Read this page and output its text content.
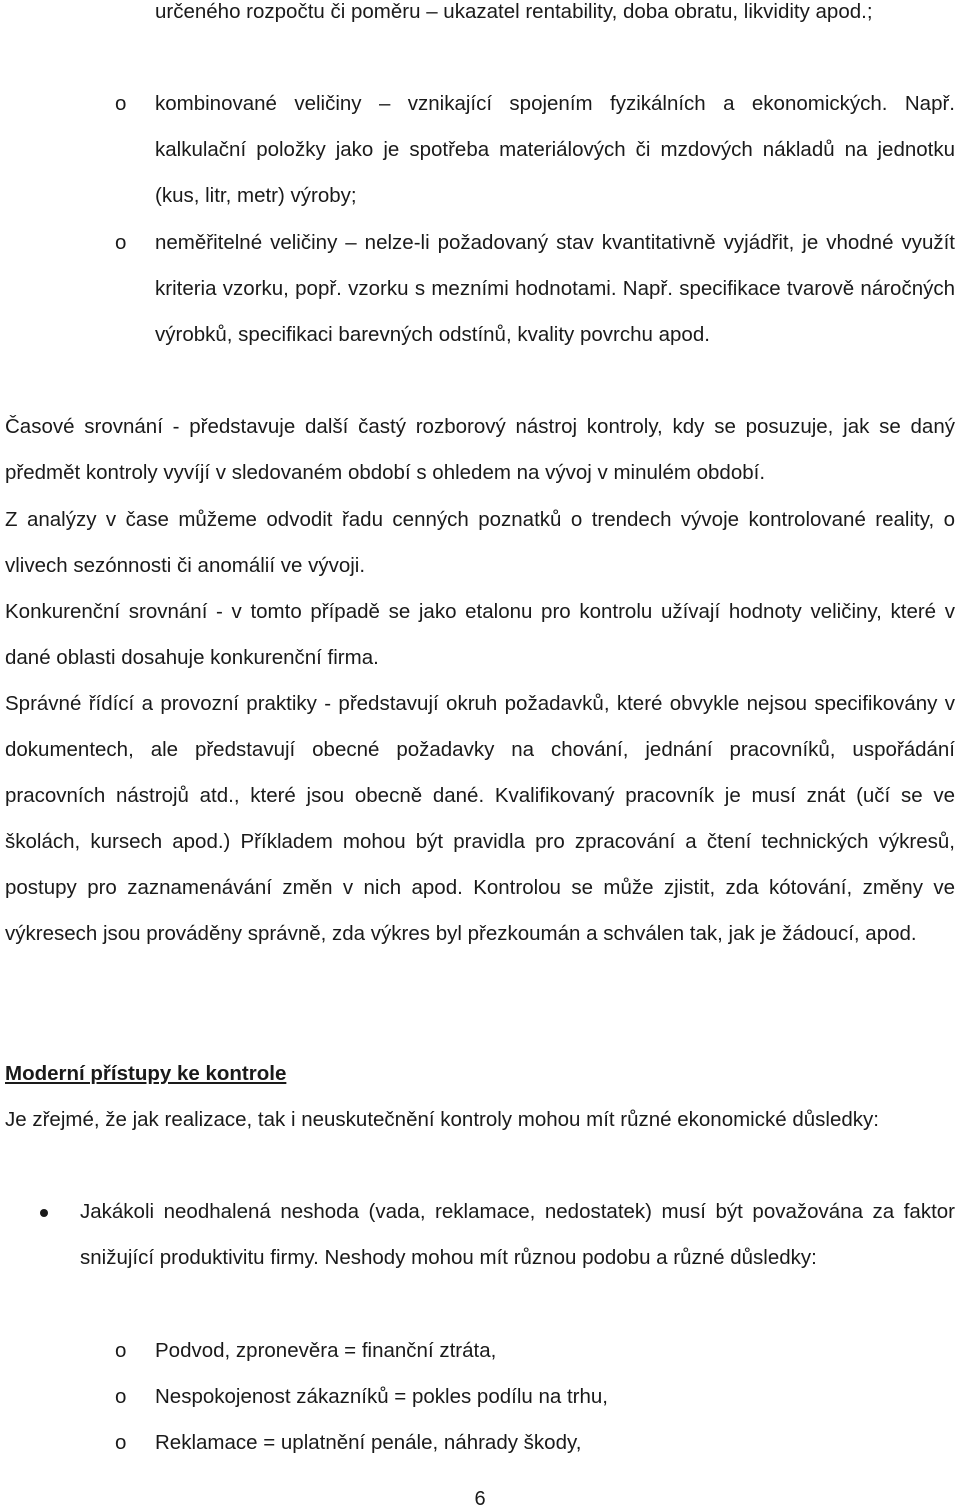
určeného rozpočtu či poměru – ukazatel rentability, doba obratu, likvidity apod.;
o kombinované veličiny – vznikající spojením fyzikálních a ekonomických. Např. kalkulační položky jako je spotřeba materiálových či mzdových nákladů na jednotku (kus, litr, metr) výroby;
o neměřitelné veličiny – nelze-li požadovaný stav kvantitativně vyjádřit, je vhodné využít kriteria vzorku, popř. vzorku s mezními hodnotami. Např. specifikace tvarově náročných výrobků, specifikaci barevných odstínů, kvality povrchu apod.
Časové srovnání - představuje další častý rozborový nástroj kontroly, kdy se posuzuje, jak se daný předmět kontroly vyvíjí v sledovaném období s ohledem na vývoj v minulém období.
Z analýzy v čase můžeme odvodit řadu cenných poznatků o trendech vývoje kontrolované reality, o vlivech sezónnosti či anomálií ve vývoji.
Konkurenční srovnání - v tomto případě se jako etalonu pro kontrolu užívají hodnoty veličiny, které v dané oblasti dosahuje konkurenční firma.
Správné řídící a provozní praktiky - představují okruh požadavků, které obvykle nejsou specifikovány v dokumentech, ale představují obecné požadavky na chování, jednání pracovníků, uspořádání pracovních nástrojů atd., které jsou obecně dané. Kvalifikovaný pracovník je musí znát (učí se ve školách, kursech apod.) Příkladem mohou být pravidla pro zpracování a čtení technických výkresů, postupy pro zaznamenávání změn v nich apod. Kontrolou se může zjistit, zda kótování, změny ve výkresech jsou prováděny správně, zda výkres byl přezkoumán a schválen tak, jak je žádoucí, apod.
Moderní přístupy ke kontrole
Je zřejmé, že jak realizace, tak i neuskutečnění kontroly mohou mít různé ekonomické důsledky:
Jakákoli neodhalená neshoda (vada, reklamace, nedostatek) musí být považována za faktor snižující produktivitu firmy. Neshody mohou mít různou podobu a různé důsledky:
o Podvod, zpronevěra = finanční ztráta,
o Nespokojenost zákazníků = pokles podílu na trhu,
o Reklamace = uplatnění penále, náhrady škody,
6
